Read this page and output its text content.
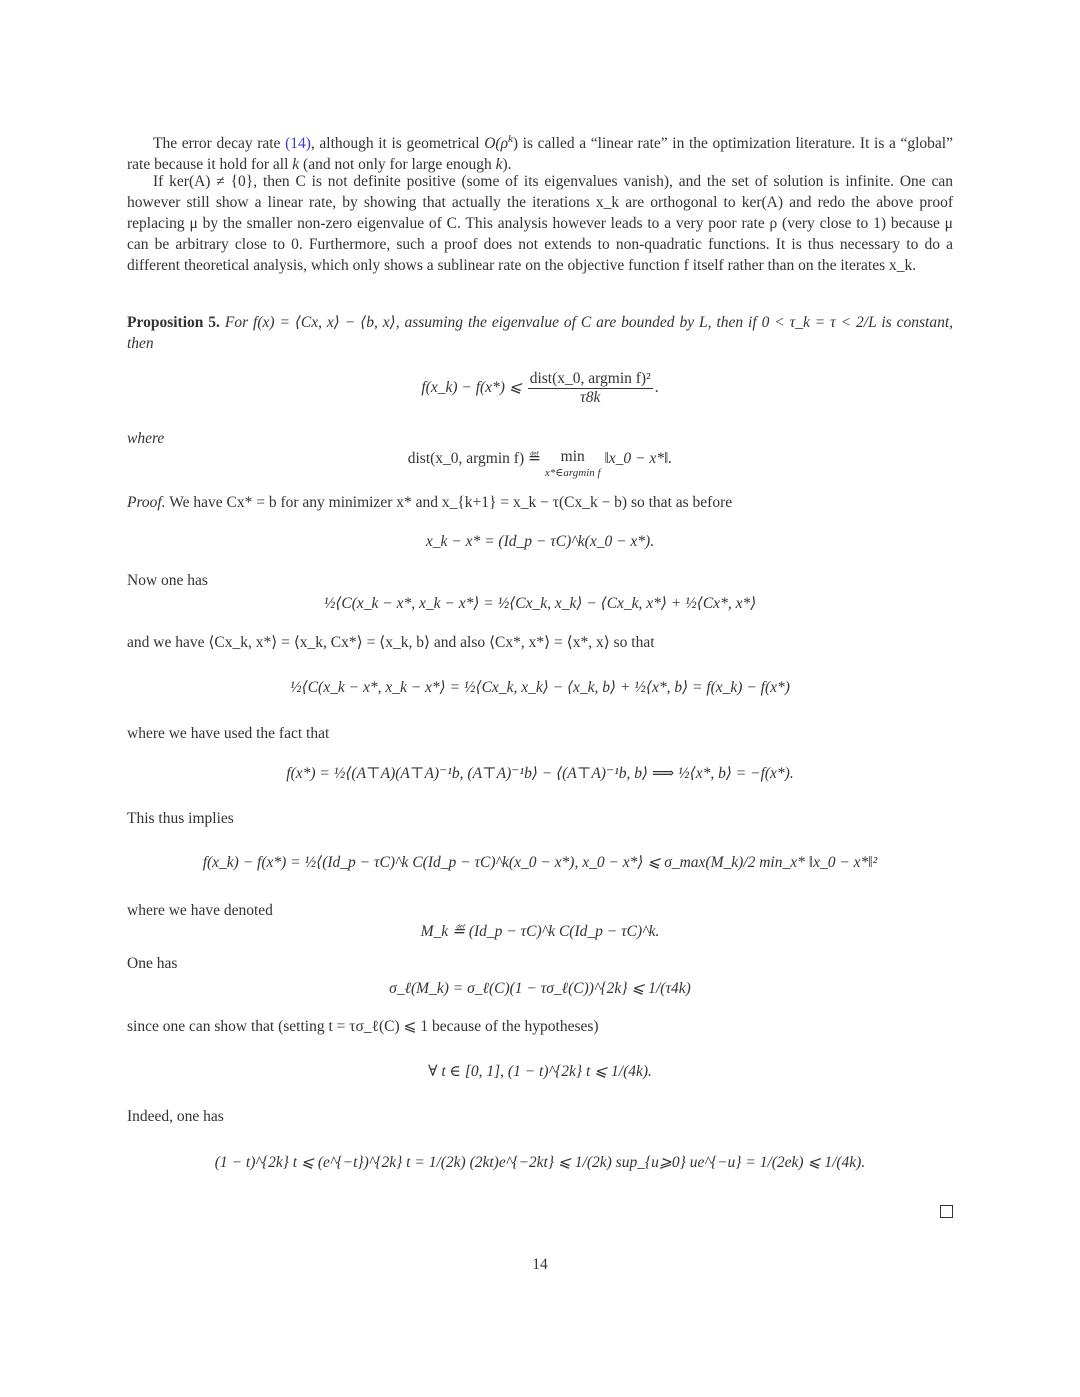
The error decay rate (14), although it is geometrical $O(\rho^k)$ is called a “linear rate” in the optimization literature. It is a “global” rate because it hold for all k (and not only for large enough k).
If ker(A) ≠ {0}, then C is not definite positive (some of its eigenvalues vanish), and the set of solution is infinite. One can however still show a linear rate, by showing that actually the iterations x_k are orthogonal to ker(A) and redo the above proof replacing μ by the smaller non-zero eigenvalue of C. This analysis however leads to a very poor rate ρ (very close to 1) because μ can be arbitrary close to 0. Furthermore, such a proof does not extends to non-quadratic functions. It is thus necessary to do a different theoretical analysis, which only shows a sublinear rate on the objective function f itself rather than on the iterates x_k.
Proposition 5. For f(x) = ⟨Cx, x⟩ − ⟨b, x⟩, assuming the eigenvalue of C are bounded by L, then if 0 < τ_k = τ < 2/L is constant, then
f(x_k) − f(x*) ⩽ $\frac{\text{dist(x\_0, argmin f)²}}{\tau 8k}$ .
where
dist(x_0, argmin f) ≝	min
x*∈argmin f
‖x_0 − x*‖.
Proof. We have Cx* = b for any minimizer x* and x_{k+1} = x_k − τ(Cx_k − b) so that as before
x_k − x* = (Id_p − τC)^k(x_0 − x*).
Now one has
½⟨C(x_k − x*, x_k − x*⟩ = ½⟨Cx_k, x_k⟩ − ⟨Cx_k, x*⟩ + ½⟨Cx*, x*⟩
and we have ⟨Cx_k, x*⟩ = ⟨x_k, Cx*⟩ = ⟨x_k, b⟩ and also ⟨Cx*, x*⟩ = ⟨x*, x⟩ so that
½⟨C(x_k − x*, x_k − x*⟩ = ½⟨Cx_k, x_k⟩ − ⟨x_k, b⟩ + ½⟨x*, b⟩ = f(x_k) − f(x*)
where we have used the fact that
f(x*) = ½⟨(A⊤A)(A⊤A)⁻¹b, (A⊤A)⁻¹b⟩ − ⟨(A⊤A)⁻¹b, b⟩ ⟹ ½⟨x*, b⟩ = −f(x*).
This thus implies
f(x_k) − f(x*) = ½⟨(Id_p − τC)^k C(Id_p − τC)^k(x_0 − x*), x_0 − x*⟩ ⩽ σ_max(M_k)/2 min_x* ‖x_0 − x*‖²
where we have denoted
M_k ≝ (Id_p − τC)^k C(Id_p − τC)^k.
One has
σ_ℓ(M_k) = σ_ℓ(C)(1 − τσ_ℓ(C))^{2k} ⩽ 1/(τ4k)
since one can show that (setting t = τσ_ℓ(C) ⩽ 1 because of the hypotheses)
∀ t ∈ [0, 1], (1 − t)^{2k} t ⩽ 1/(4k).
Indeed, one has
(1 − t)^{2k} t ⩽ (e^{−t})^{2k} t = 1/(2k) (2kt)e^{−2kt} ⩽ 1/(2k) sup_{u⩾0} ue^{−u} = 1/(2ek) ⩽ 1/(4k).
14
